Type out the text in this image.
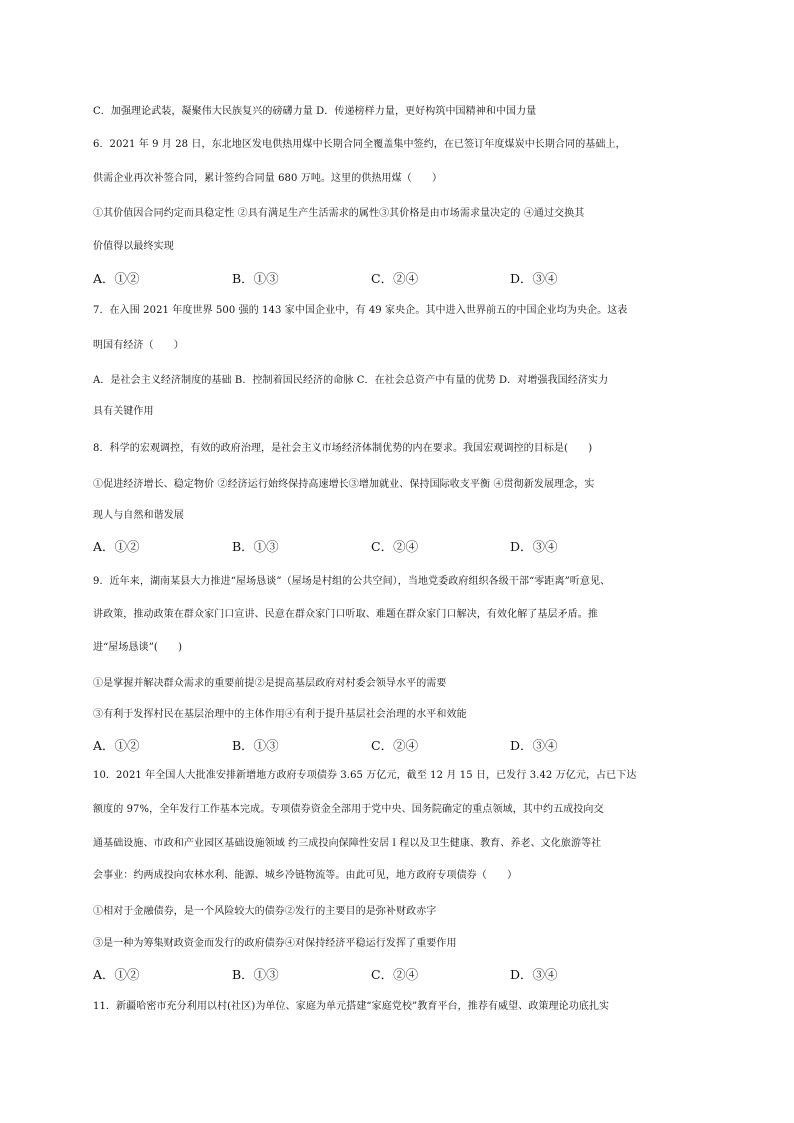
C．加强理论武装，凝聚伟大民族复兴的磅礴力量 D．传递榜样力量，更好构筑中国精神和中国力量
6．2021 年 9 月 28 日，东北地区发电供热用煤中长期合同全覆盖集中签约，在已签订年度煤炭中长期合同的基础上，
供需企业再次补签合同，累计签约合同量 680 万吨。这里的供热用煤（　　）
①其价值因合同约定而具稳定性 ②具有满足生产生活需求的属性③其价格是由市场需求量决定的 ④通过交换其
价值得以最终实现
A．①②	B．①③	C．②④	D．③④
7．在入围 2021 年度世界 500 强的 143 家中国企业中，有 49 家央企。其中进入世界前五的中国企业均为央企。这表
明国有经济（　　）
A．是社会主义经济制度的基础 B．控制着国民经济的命脉 C．在社会总资产中有量的优势 D．对增强我国经济实力
具有关键作用
8．科学的宏观调控，有效的政府治理，是社会主义市场经济体制优势的内在要求。我国宏观调控的目标是(　　)
①促进经济增长、稳定物价 ②经济运行始终保持高速增长③增加就业、保持国际收支平衡 ④贯彻新发展理念，实
现人与自然和谐发展
A．①②	B．①③	C．②④	D．③④
9．近年来，湖南某县大力推进“屋场恳谈”（屋场是村组的公共空间），当地党委政府组织各级干部“零距离”听意见、
讲政策，推动政策在群众家门口宣讲、民意在群众家门口听取、难题在群众家门口解决，有效化解了基层矛盾。推
进“屋场恳谈”(　　)
①是掌握并解决群众需求的重要前提②是提高基层政府对村委会领导水平的需要
③有利于发挥村民在基层治理中的主体作用④有利于提升基层社会治理的水平和效能
A．①②	B．①③	C．②④	D．③④
10．2021 年全国人大批准安排新增地方政府专项债券 3.65 万亿元，截至 12 月 15 日，已发行 3.42 万亿元，占已下达
额度的 97%，全年发行工作基本完成。专项债券资金全部用于党中央、国务院确定的重点领域，其中约五成投向交
通基础设施、市政和产业园区基础设施领域 约三成投向保障性安居Ｉ程以及卫生健康、教育、养老、文化旅游等社
会事业：约两成投向农林水利、能源、城乡冷链物流等。由此可见，地方政府专项债券（　　）
①相对于金融债券，是一个风险较大的债券②发行的主要目的是弥补财政赤字
③是一种为筹集财政资金而发行的政府债券④对保持经济平稳运行发挥了重要作用
A．①②	B．①③	C．②④	D．③④
11．新疆哈密市充分利用以村(社区)为单位、家庭为单元搭建“家庭党校”教育平台，推荐有威望、政策理论功底扎实
